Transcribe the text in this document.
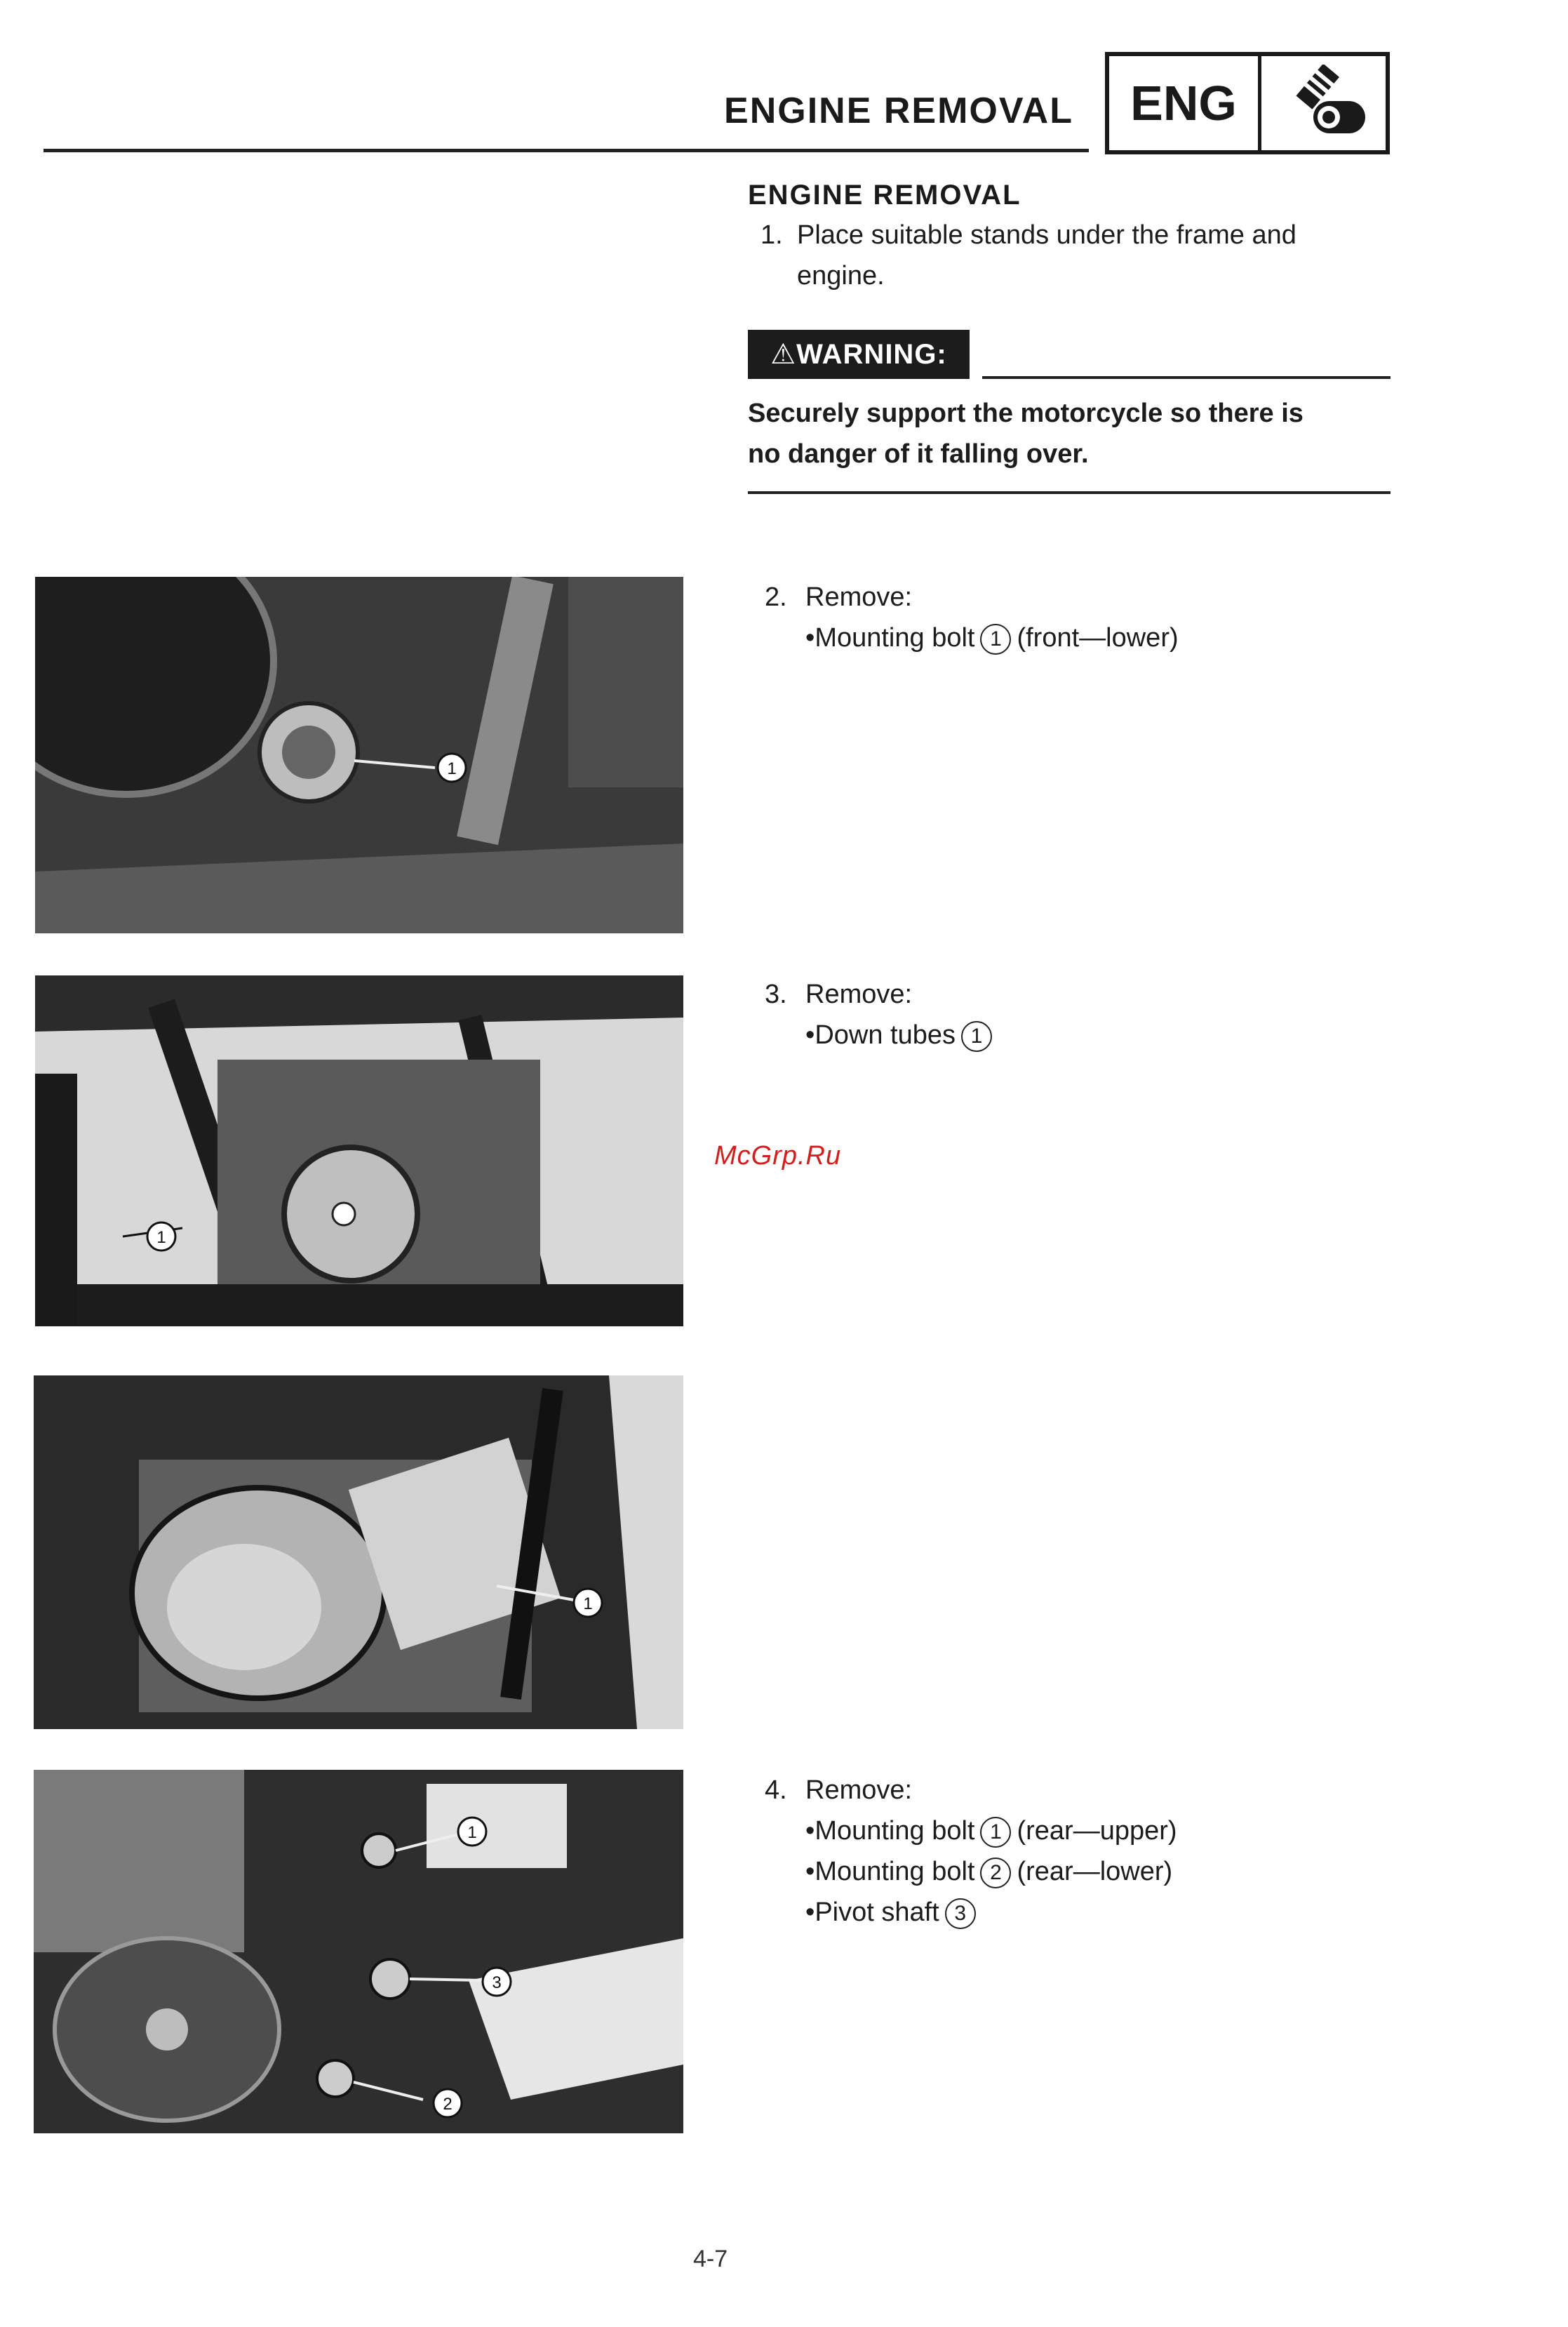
ENGINE REMOVAL	ENG
ENGINE REMOVAL
1. Place suitable stands under the frame and
engine.
⚠WARNING:
Securely support the motorcycle so there is
no danger of it falling over.
2. Remove:
•Mounting bolt 1 (front—lower)
3. Remove:
•Down tubes 1
4. Remove:
•Mounting bolt 1 (rear—upper)
•Mounting bolt 2 (rear—lower)
•Pivot shaft 3
1
1
1
1
2
3
McGrp.Ru
4-7
